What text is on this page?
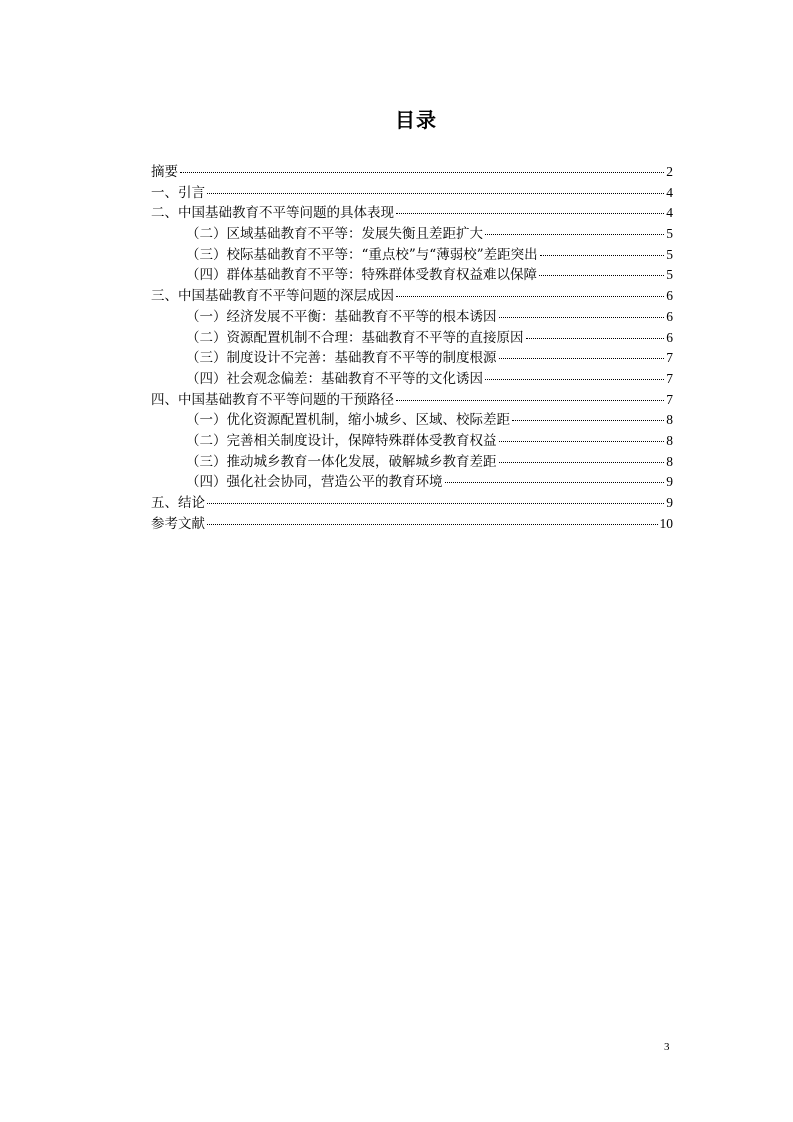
目录
摘要	2
一、引言	4
二、中国基础教育不平等问题的具体表现	4
（二）区域基础教育不平等：发展失衡且差距扩大	5
（三）校际基础教育不平等：“重点校”与“薄弱校”差距突出	5
（四）群体基础教育不平等：特殊群体受教育权益难以保障	5
三、中国基础教育不平等问题的深层成因	6
（一）经济发展不平衡：基础教育不平等的根本诱因	6
（二）资源配置机制不合理：基础教育不平等的直接原因	6
（三）制度设计不完善：基础教育不平等的制度根源	7
（四）社会观念偏差：基础教育不平等的文化诱因	7
四、中国基础教育不平等问题的干预路径	7
（一）优化资源配置机制，缩小城乡、区域、校际差距	8
（二）完善相关制度设计，保障特殊群体受教育权益	8
（三）推动城乡教育一体化发展，破解城乡教育差距	8
（四）强化社会协同，营造公平的教育环境	9
五、结论	9
参考文献	10
3
